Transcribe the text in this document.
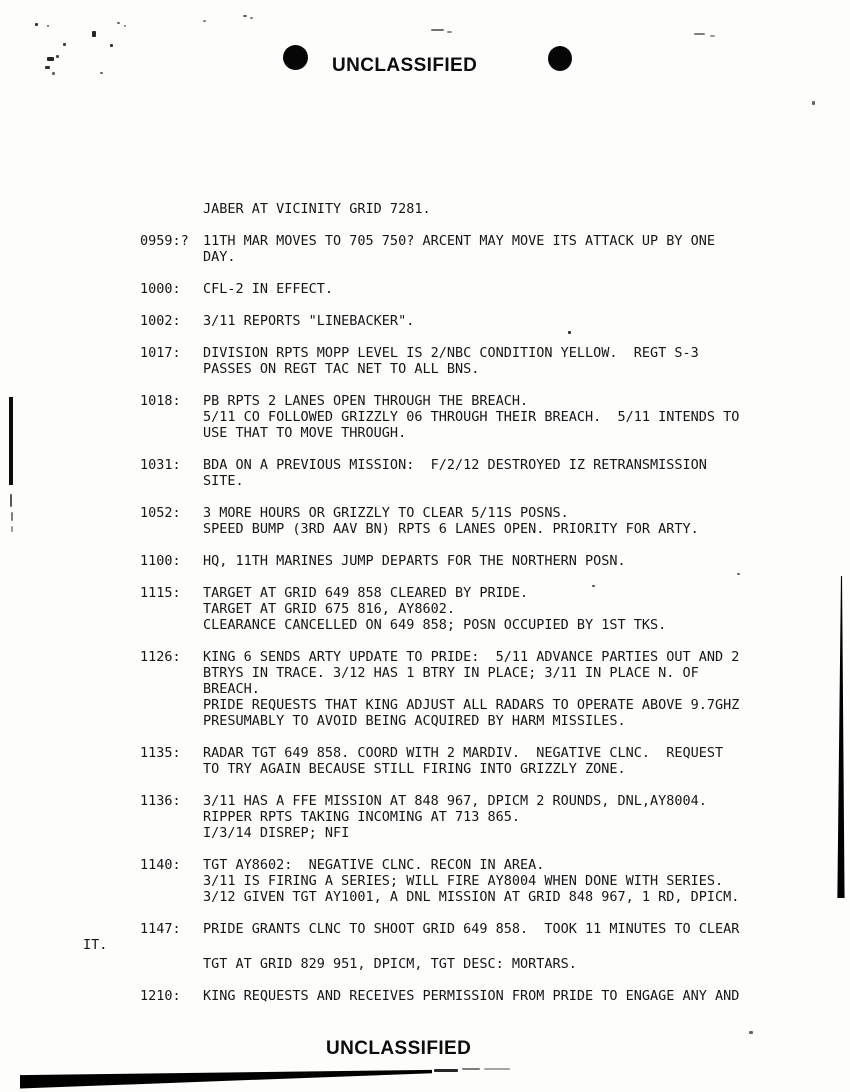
UNCLASSIFIED
JABER AT VICINITY GRID 7281.
0959:? 11TH MAR MOVES TO 705 750? ARCENT MAY MOVE ITS ATTACK UP BY ONE
DAY.
1000: CFL-2 IN EFFECT.
1002: 3/11 REPORTS "LINEBACKER".
1017: DIVISION RPTS MOPP LEVEL IS 2/NBC CONDITION YELLOW.  REGT S-3
PASSES ON REGT TAC NET TO ALL BNS.
1018: PB RPTS 2 LANES OPEN THROUGH THE BREACH.
5/11 CO FOLLOWED GRIZZLY 06 THROUGH THEIR BREACH.  5/11 INTENDS TO
USE THAT TO MOVE THROUGH.
1031: BDA ON A PREVIOUS MISSION:  F/2/12 DESTROYED IZ RETRANSMISSION
SITE.
1052: 3 MORE HOURS OR GRIZZLY TO CLEAR 5/11S POSNS.
SPEED BUMP (3RD AAV BN) RPTS 6 LANES OPEN. PRIORITY FOR ARTY.
1100: HQ, 11TH MARINES JUMP DEPARTS FOR THE NORTHERN POSN.
1115: TARGET AT GRID 649 858 CLEARED BY PRIDE.
TARGET AT GRID 675 816, AY8602.
CLEARANCE CANCELLED ON 649 858; POSN OCCUPIED BY 1ST TKS.
1126: KING 6 SENDS ARTY UPDATE TO PRIDE:  5/11 ADVANCE PARTIES OUT AND 2
BTRYS IN TRACE. 3/12 HAS 1 BTRY IN PLACE; 3/11 IN PLACE N. OF
BREACH.
PRIDE REQUESTS THAT KING ADJUST ALL RADARS TO OPERATE ABOVE 9.7GHZ
PRESUMABLY TO AVOID BEING ACQUIRED BY HARM MISSILES.
1135: RADAR TGT 649 858. COORD WITH 2 MARDIV.  NEGATIVE CLNC.  REQUEST
TO TRY AGAIN BECAUSE STILL FIRING INTO GRIZZLY ZONE.
1136: 3/11 HAS A FFE MISSION AT 848 967, DPICM 2 ROUNDS, DNL,AY8004.
RIPPER RPTS TAKING INCOMING AT 713 865.
I/3/14 DISREP; NFI
1140: TGT AY8602:  NEGATIVE CLNC. RECON IN AREA.
3/11 IS FIRING A SERIES; WILL FIRE AY8004 WHEN DONE WITH SERIES.
3/12 GIVEN TGT AY1001, A DNL MISSION AT GRID 848 967, 1 RD, DPICM.
1147: PRIDE GRANTS CLNC TO SHOOT GRID 649 858.  TOOK 11 MINUTES TO CLEAR
IT.
TGT AT GRID 829 951, DPICM, TGT DESC: MORTARS.
1210: KING REQUESTS AND RECEIVES PERMISSION FROM PRIDE TO ENGAGE ANY AND
UNCLASSIFIED
